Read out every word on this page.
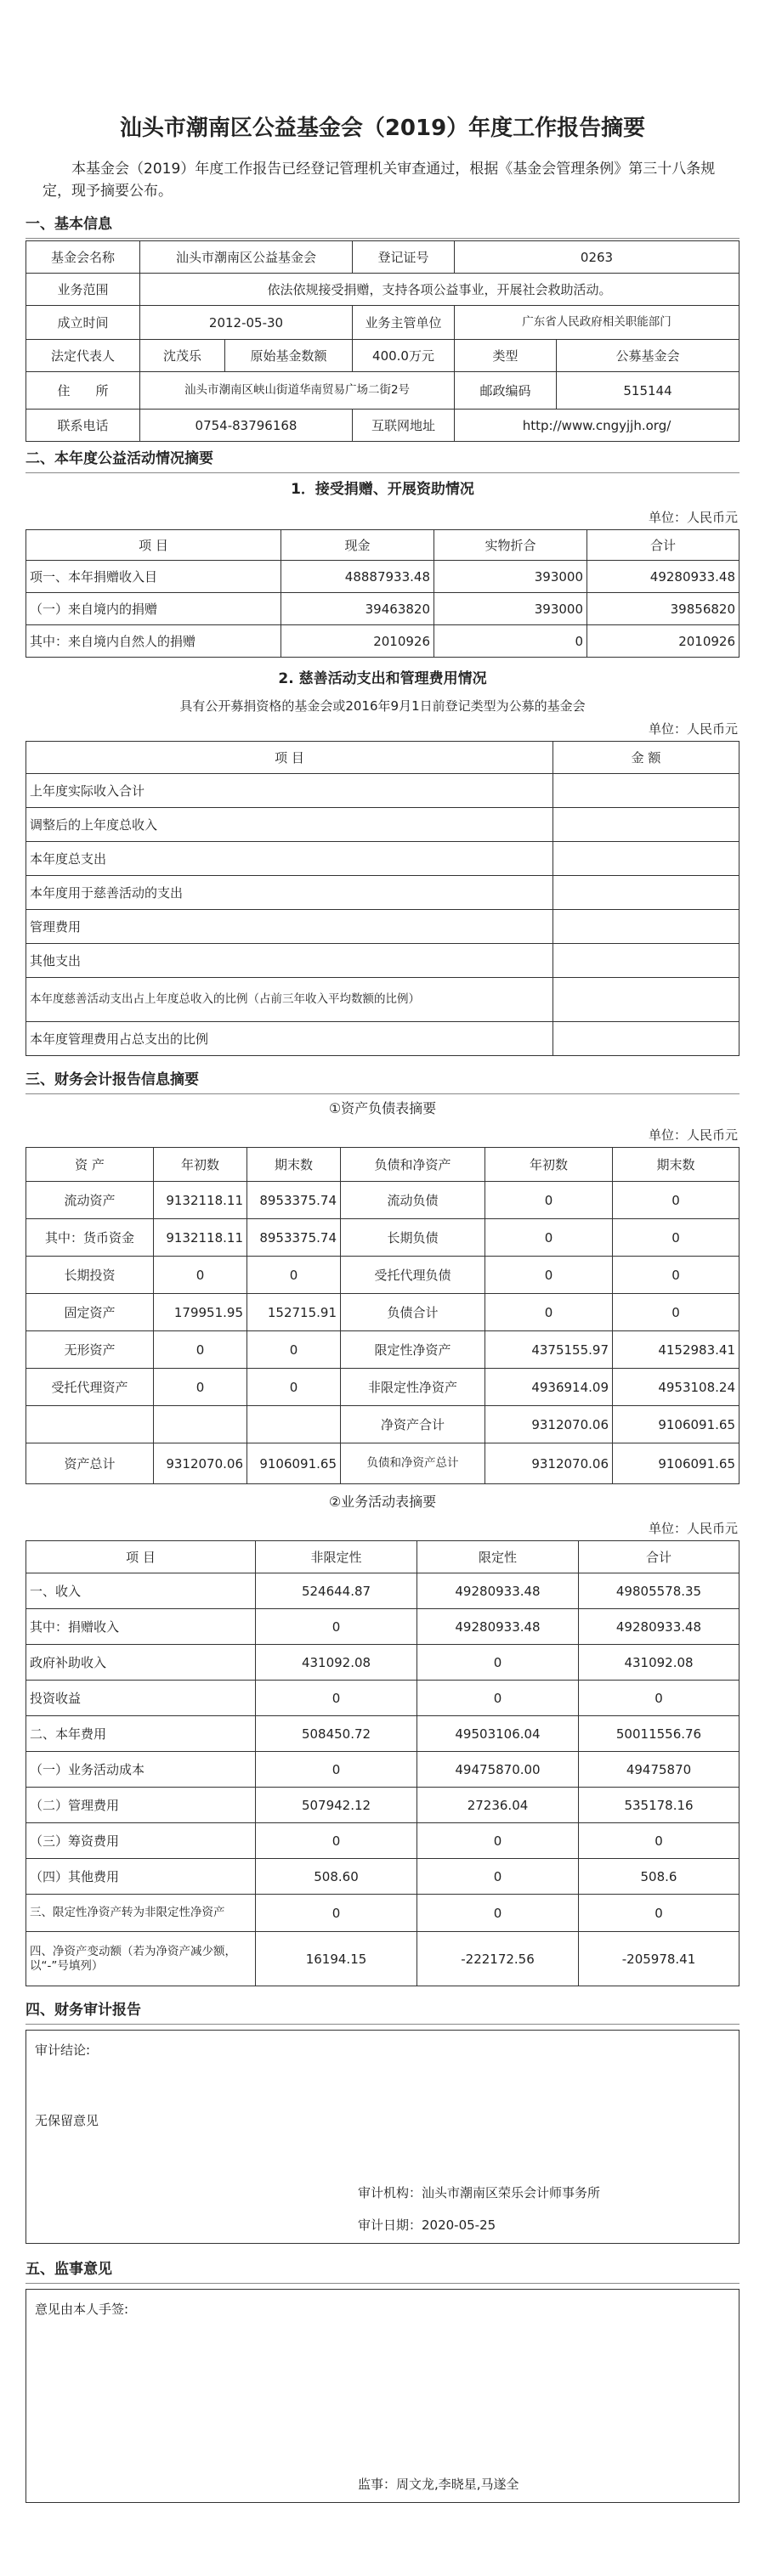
汕头市潮南区公益基金会（2019）年度工作报告摘要
本基金会（2019）年度工作报告已经登记管理机关审查通过，根据《基金会管理条例》第三十八条规定，现予摘要公布。
一、基本信息
基金会名称	汕头市潮南区公益基金会		登记证号	0263	
业务范围	依法依规接受捐赠，支持各项公益事业，开展社会救助活动。				
成立时间	2012-05-30		业务主管单位	广东省人民政府相关职能部门	
法定代表人	沈茂乐	原始基金数额	400.0万元	类型	公募基金会
住　　所	汕头市潮南区峡山街道华南贸易广场二街2号			邮政编码	515144
联系电话	0754-83796168		互联网地址	http://www.cngyjjh.org/	
二、本年度公益活动情况摘要
1．接受捐赠、开展资助情况
单位：人民币元
项 目	现金	实物折合	合计
项一、本年捐赠收入目	48887933.48	393000	49280933.48
（一）来自境内的捐赠	39463820	393000	39856820
其中：来自境内自然人的捐赠	2010926	0	2010926
2. 慈善活动支出和管理费用情况
具有公开募捐资格的基金会或2016年9月1日前登记类型为公募的基金会
单位：人民币元
项 目	金 额
上年度实际收入合计	
调整后的上年度总收入	
本年度总支出	
本年度用于慈善活动的支出	
管理费用	
其他支出	
本年度慈善活动支出占上年度总收入的比例（占前三年收入平均数额的比例）	
本年度管理费用占总支出的比例	
三、财务会计报告信息摘要
①资产负债表摘要
单位：人民币元
资 产	年初数	期末数	负债和净资产	年初数	期末数
流动资产	9132118.11	8953375.74	流动负债	0	0
其中：货币资金	9132118.11	8953375.74	长期负债	0	0
长期投资	0	0	受托代理负债	0	0
固定资产	179951.95	152715.91	负债合计	0	0
无形资产	0	0	限定性净资产	4375155.97	4152983.41
受托代理资产	0	0	非限定性净资产	4936914.09	4953108.24
			净资产合计	9312070.06	9106091.65
资产总计	9312070.06	9106091.65	负债和净资产总计	9312070.06	9106091.65
②业务活动表摘要
单位：人民币元
项 目	非限定性	限定性	合计
一、收入	524644.87	49280933.48	49805578.35
其中：捐赠收入	0	49280933.48	49280933.48
政府补助收入	431092.08	0	431092.08
投资收益	0	0	0
二、本年费用	508450.72	49503106.04	50011556.76
（一）业务活动成本	0	49475870.00	49475870
（二）管理费用	507942.12	27236.04	535178.16
（三）筹资费用	0	0	0
（四）其他费用	508.60	0	508.6
三、限定性净资产转为非限定性净资产	0	0	0
四、净资产变动额（若为净资产减少额，以“-”号填列）	16194.15	-222172.56	-205978.41
四、财务审计报告
审计结论:
无保留意见
审计机构：汕头市潮南区荣乐会计师事务所
审计日期：2020-05-25
五、监事意见
意见由本人手签:
监事：周文龙,李晓星,马遂全
